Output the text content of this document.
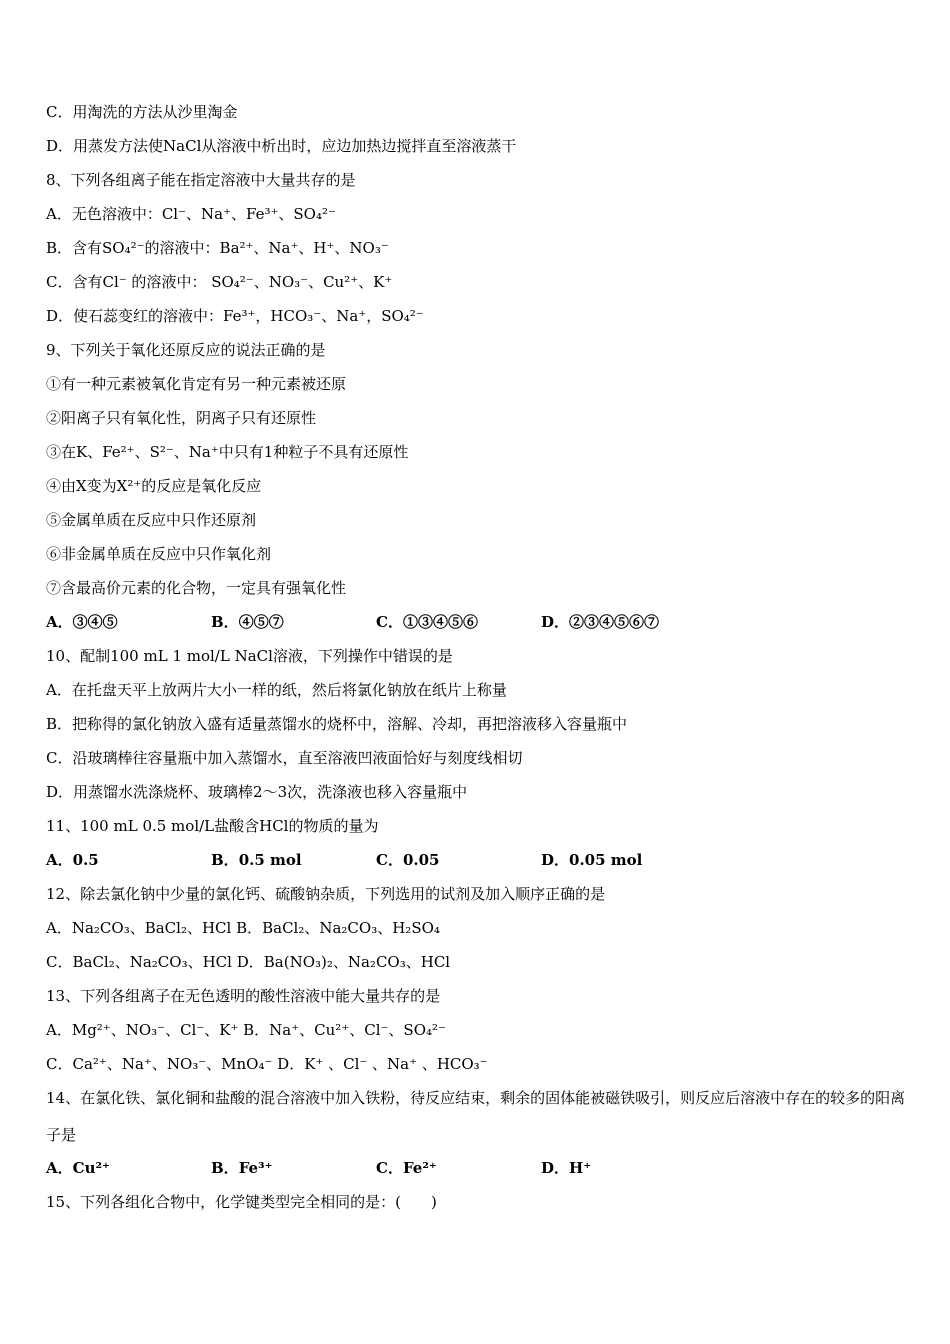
C．用淘洗的方法从沙里淘金
D．用蒸发方法使NaCl从溶液中析出时，应边加热边搅拌直至溶液蒸干
8、下列各组离子能在指定溶液中大量共存的是
A．无色溶液中：Cl⁻、Na⁺、Fe³⁺、SO₄²⁻
B．含有SO₄²⁻的溶液中：Ba²⁺、Na⁺、H⁺、NO₃⁻
C．含有Cl⁻ 的溶液中： SO₄²⁻、NO₃⁻、Cu²⁺、K⁺
D．使石蕊变红的溶液中：Fe³⁺，HCO₃⁻、Na⁺，SO₄²⁻
9、下列关于氧化还原反应的说法正确的是
①有一种元素被氧化肯定有另一种元素被还原
②阳离子只有氧化性，阴离子只有还原性
③在K、Fe²⁺、S²⁻、Na⁺中只有1种粒子不具有还原性
④由X变为X²⁺的反应是氧化反应
⑤金属单质在反应中只作还原剂
⑥非金属单质在反应中只作氧化剂
⑦含最高价元素的化合物，一定具有强氧化性
A．③④⑤	B．④⑤⑦	C．①③④⑤⑥	D．②③④⑤⑥⑦
10、配制100 mL 1 mol/L NaCl溶液，下列操作中错误的是
A．在托盘天平上放两片大小一样的纸，然后将氯化钠放在纸片上称量
B．把称得的氯化钠放入盛有适量蒸馏水的烧杯中，溶解、冷却，再把溶液移入容量瓶中
C．沿玻璃棒往容量瓶中加入蒸馏水，直至溶液凹液面恰好与刻度线相切
D．用蒸馏水洗涤烧杯、玻璃棒2～3次，洗涤液也移入容量瓶中
11、100 mL 0.5 mol/L盐酸含HCl的物质的量为
A．0.5	B．0.5 mol	C．0.05	D．0.05 mol
12、除去氯化钠中少量的氯化钙、硫酸钠杂质，下列选用的试剂及加入顺序正确的是
A．Na₂CO₃、BaCl₂、HCl B．BaCl₂、Na₂CO₃、H₂SO₄
C．BaCl₂、Na₂CO₃、HCl D．Ba(NO₃)₂、Na₂CO₃、HCl
13、下列各组离子在无色透明的酸性溶液中能大量共存的是
A．Mg²⁺、NO₃⁻、Cl⁻、K⁺ B．Na⁺、Cu²⁺、Cl⁻、SO₄²⁻
C．Ca²⁺、Na⁺、NO₃⁻、MnO₄⁻ D．K⁺ 、Cl⁻ 、Na⁺ 、HCO₃⁻
14、在氯化铁、氯化铜和盐酸的混合溶液中加入铁粉，待反应结束，剩余的固体能被磁铁吸引，则反应后溶液中存在的较多的阳离子是
A．Cu²⁺	B．Fe³⁺	C．Fe²⁺	D．H⁺
15、下列各组化合物中，化学键类型完全相同的是：(　　)
